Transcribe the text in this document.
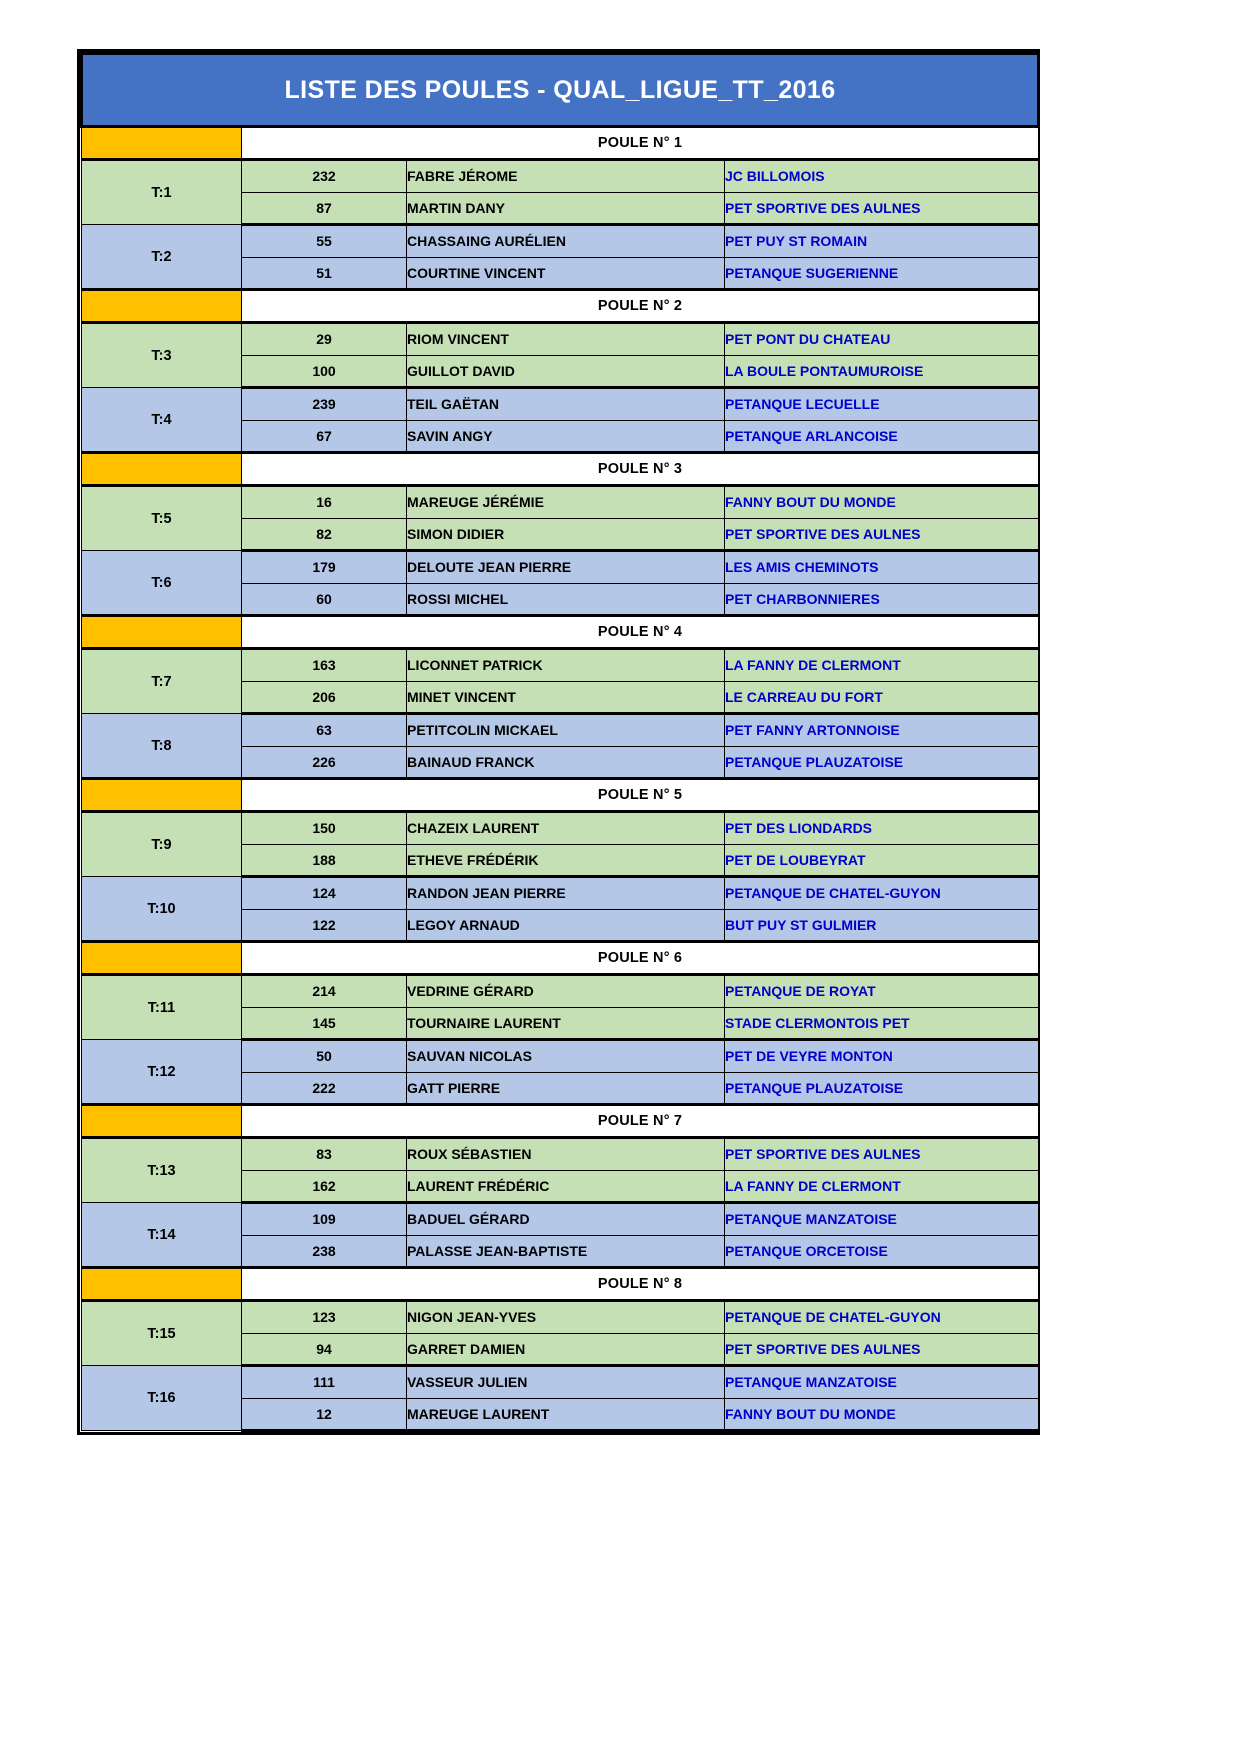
LISTE DES POULES - QUAL_LIGUE_TT_2016			
	POULE N° 1		
T:1	232	FABRE JÉROME	JC BILLOMOIS
	87	MARTIN DANY	PET SPORTIVE DES AULNES
T:2	55	CHASSAING AURÉLIEN	PET PUY ST ROMAIN
	51	COURTINE VINCENT	PETANQUE SUGERIENNE
	POULE N° 2		
T:3	29	RIOM VINCENT	PET PONT DU CHATEAU
	100	GUILLOT DAVID	LA BOULE PONTAUMUROISE
T:4	239	TEIL GAËTAN	PETANQUE LECUELLE
	67	SAVIN ANGY	PETANQUE ARLANCOISE
	POULE N° 3		
T:5	16	MAREUGE JÉRÉMIE	FANNY BOUT DU MONDE
	82	SIMON DIDIER	PET SPORTIVE DES AULNES
T:6	179	DELOUTE JEAN PIERRE	LES AMIS CHEMINOTS
	60	ROSSI MICHEL	PET CHARBONNIERES
	POULE N° 4		
T:7	163	LICONNET PATRICK	LA FANNY DE CLERMONT
	206	MINET VINCENT	LE CARREAU DU FORT
T:8	63	PETITCOLIN MICKAEL	PET FANNY ARTONNOISE
	226	BAINAUD FRANCK	PETANQUE PLAUZATOISE
	POULE N° 5		
T:9	150	CHAZEIX LAURENT	PET DES LIONDARDS
	188	ETHEVE FRÉDÉRIK	PET DE LOUBEYRAT
T:10	124	RANDON JEAN PIERRE	PETANQUE DE CHATEL-GUYON
	122	LEGOY ARNAUD	BUT PUY ST GULMIER
	POULE N° 6		
T:11	214	VEDRINE GÉRARD	PETANQUE DE ROYAT
	145	TOURNAIRE LAURENT	STADE CLERMONTOIS PET
T:12	50	SAUVAN NICOLAS	PET DE VEYRE MONTON
	222	GATT PIERRE	PETANQUE PLAUZATOISE
	POULE N° 7		
T:13	83	ROUX SÉBASTIEN	PET SPORTIVE DES AULNES
	162	LAURENT FRÉDÉRIC	LA FANNY DE CLERMONT
T:14	109	BADUEL GÉRARD	PETANQUE MANZATOISE
	238	PALASSE JEAN-BAPTISTE	PETANQUE ORCETOISE
	POULE N° 8		
T:15	123	NIGON JEAN-YVES	PETANQUE DE CHATEL-GUYON
	94	GARRET DAMIEN	PET SPORTIVE DES AULNES
T:16	111	VASSEUR JULIEN	PETANQUE MANZATOISE
	12	MAREUGE LAURENT	FANNY BOUT DU MONDE
